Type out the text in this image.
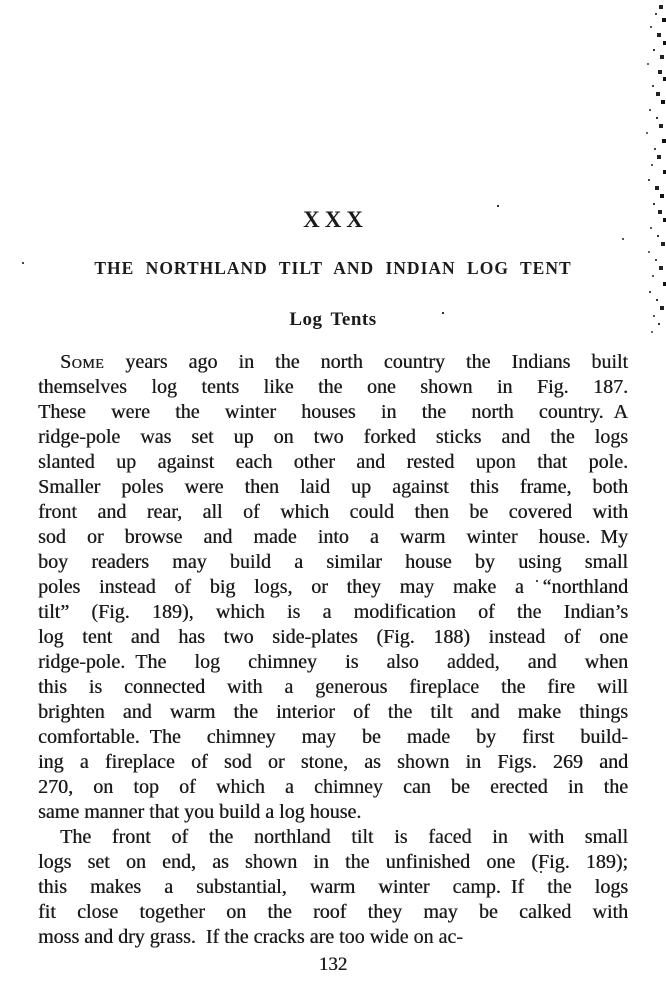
XXX
THE NORTHLAND TILT AND INDIAN LOG TENT
Log Tents
Some years ago in the north country the Indians built
themselves log tents like the one shown in Fig. 187.
These were the winter houses in the north country. A
ridge-pole was set up on two forked sticks and the logs
slanted up against each other and rested upon that pole.
Smaller poles were then laid up against this frame, both
front and rear, all of which could then be covered with
sod or browse and made into a warm winter house. My
boy readers may build a similar house by using small
poles instead of big logs, or they may make a “northland
tilt” (Fig. 189), which is a modification of the Indian’s
log tent and has two side-plates (Fig. 188) instead of one
ridge-pole. The log chimney is also added, and when
this is connected with a generous fireplace the fire will
brighten and warm the interior of the tilt and make things
comfortable. The chimney may be made by first build-
ing a fireplace of sod or stone, as shown in Figs. 269 and
270, on top of which a chimney can be erected in the
same manner that you build a log house.
The front of the northland tilt is faced in with small
logs set on end, as shown in the unfinished one (Fig. 189);
this makes a substantial, warm winter camp. If the logs
fit close together on the roof they may be calked with
moss and dry grass. If the cracks are too wide on ac-
132
